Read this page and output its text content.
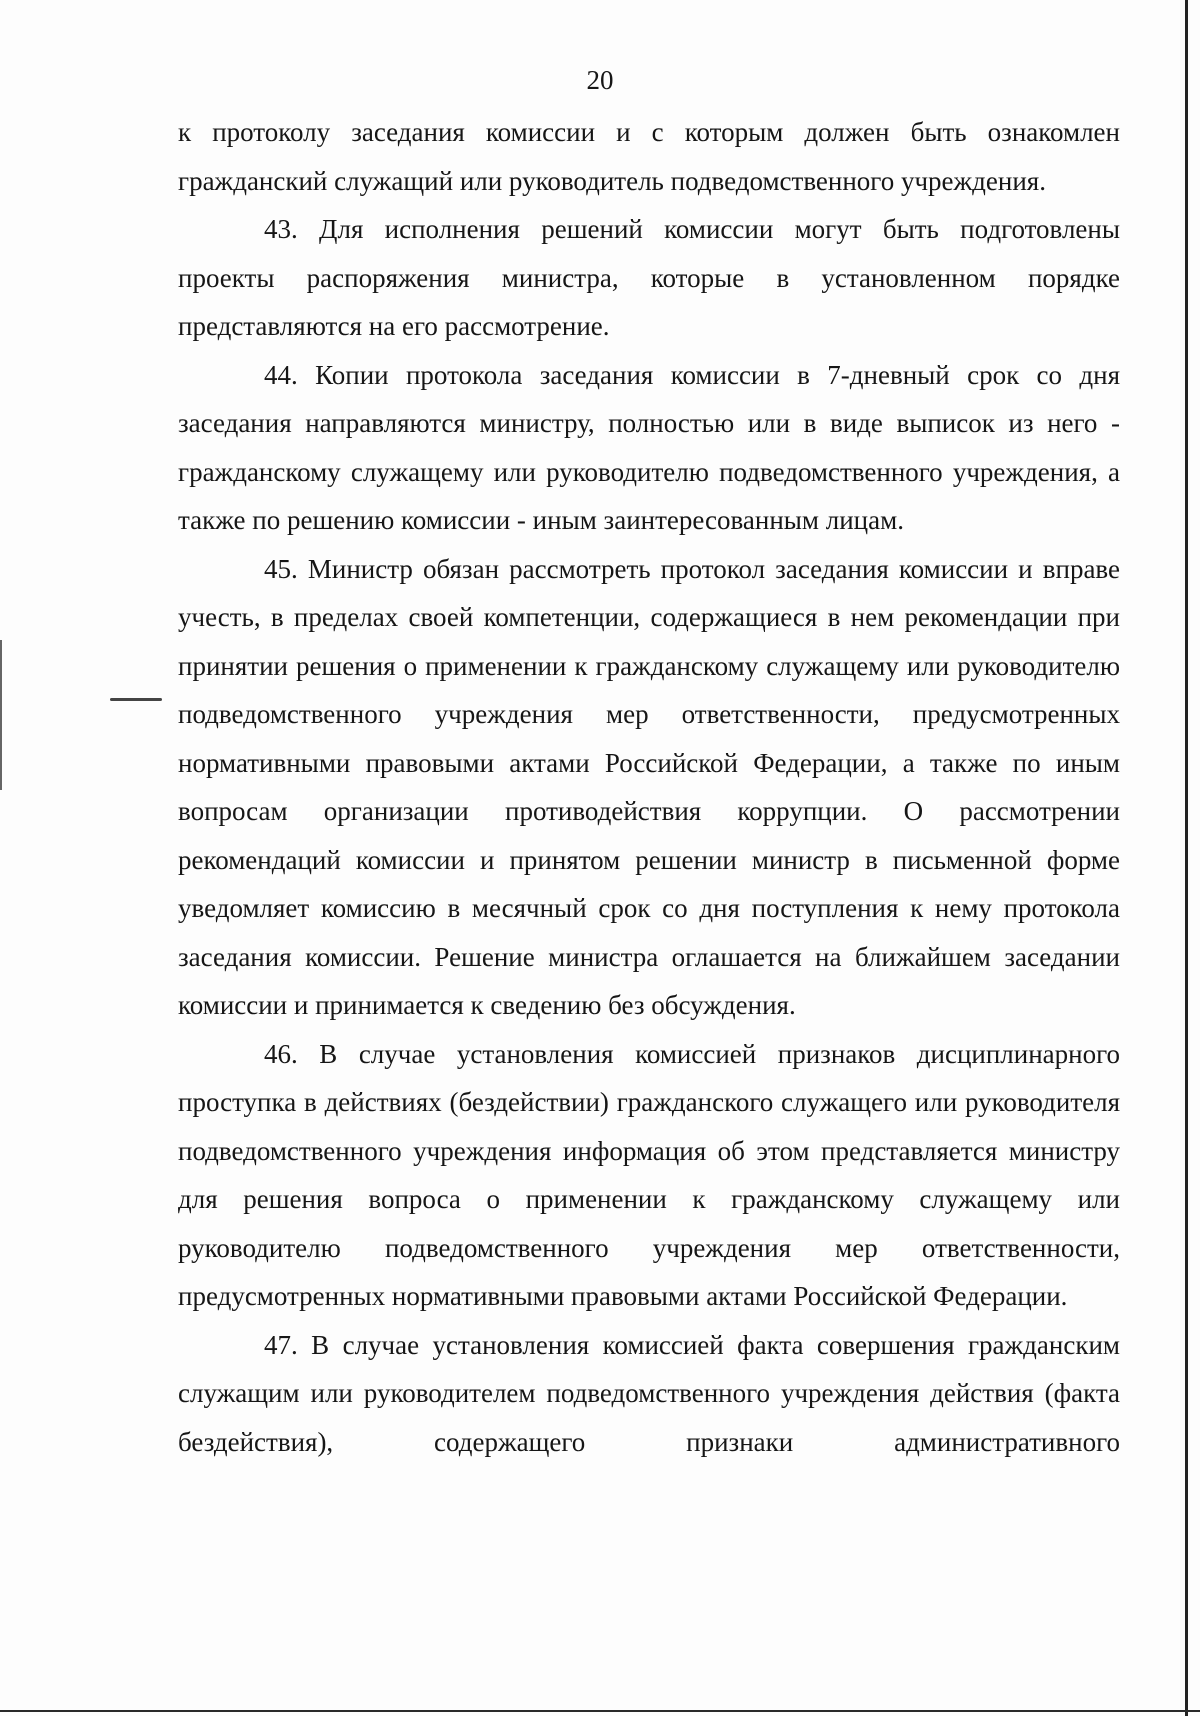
20

к протоколу заседания комиссии и с которым должен быть ознакомлен гражданский служащий или руководитель подведомственного учреждения.

43. Для исполнения решений комиссии могут быть подготовлены проекты распоряжения министра, которые в установленном порядке представляются на его рассмотрение.

44. Копии протокола заседания комиссии в 7-дневный срок со дня заседания направляются министру, полностью или в виде выписок из него - гражданскому служащему или руководителю подведомственного учреждения, а также по решению комиссии - иным заинтересованным лицам.

45. Министр обязан рассмотреть протокол заседания комиссии и вправе учесть, в пределах своей компетенции, содержащиеся в нем рекомендации при принятии решения о применении к гражданскому служащему или руководителю подведомственного учреждения мер ответственности, предусмотренных нормативными правовыми актами Российской Федерации, а также по иным вопросам организации противодействия коррупции. О рассмотрении рекомендаций комиссии и принятом решении министр в письменной форме уведомляет комиссию в месячный срок со дня поступления к нему протокола заседания комиссии. Решение министра оглашается на ближайшем заседании комиссии и принимается к сведению без обсуждения.

46. В случае установления комиссией признаков дисциплинарного проступка в действиях (бездействии) гражданского служащего или руководителя подведомственного учреждения информация об этом представляется министру для решения вопроса о применении к гражданскому служащему или руководителю подведомственного учреждения мер ответственности, предусмотренных нормативными правовыми актами Российской Федерации.

47. В случае установления комиссией факта совершения гражданским служащим или руководителем подведомственного учреждения действия (факта бездействия), содержащего признаки административного
